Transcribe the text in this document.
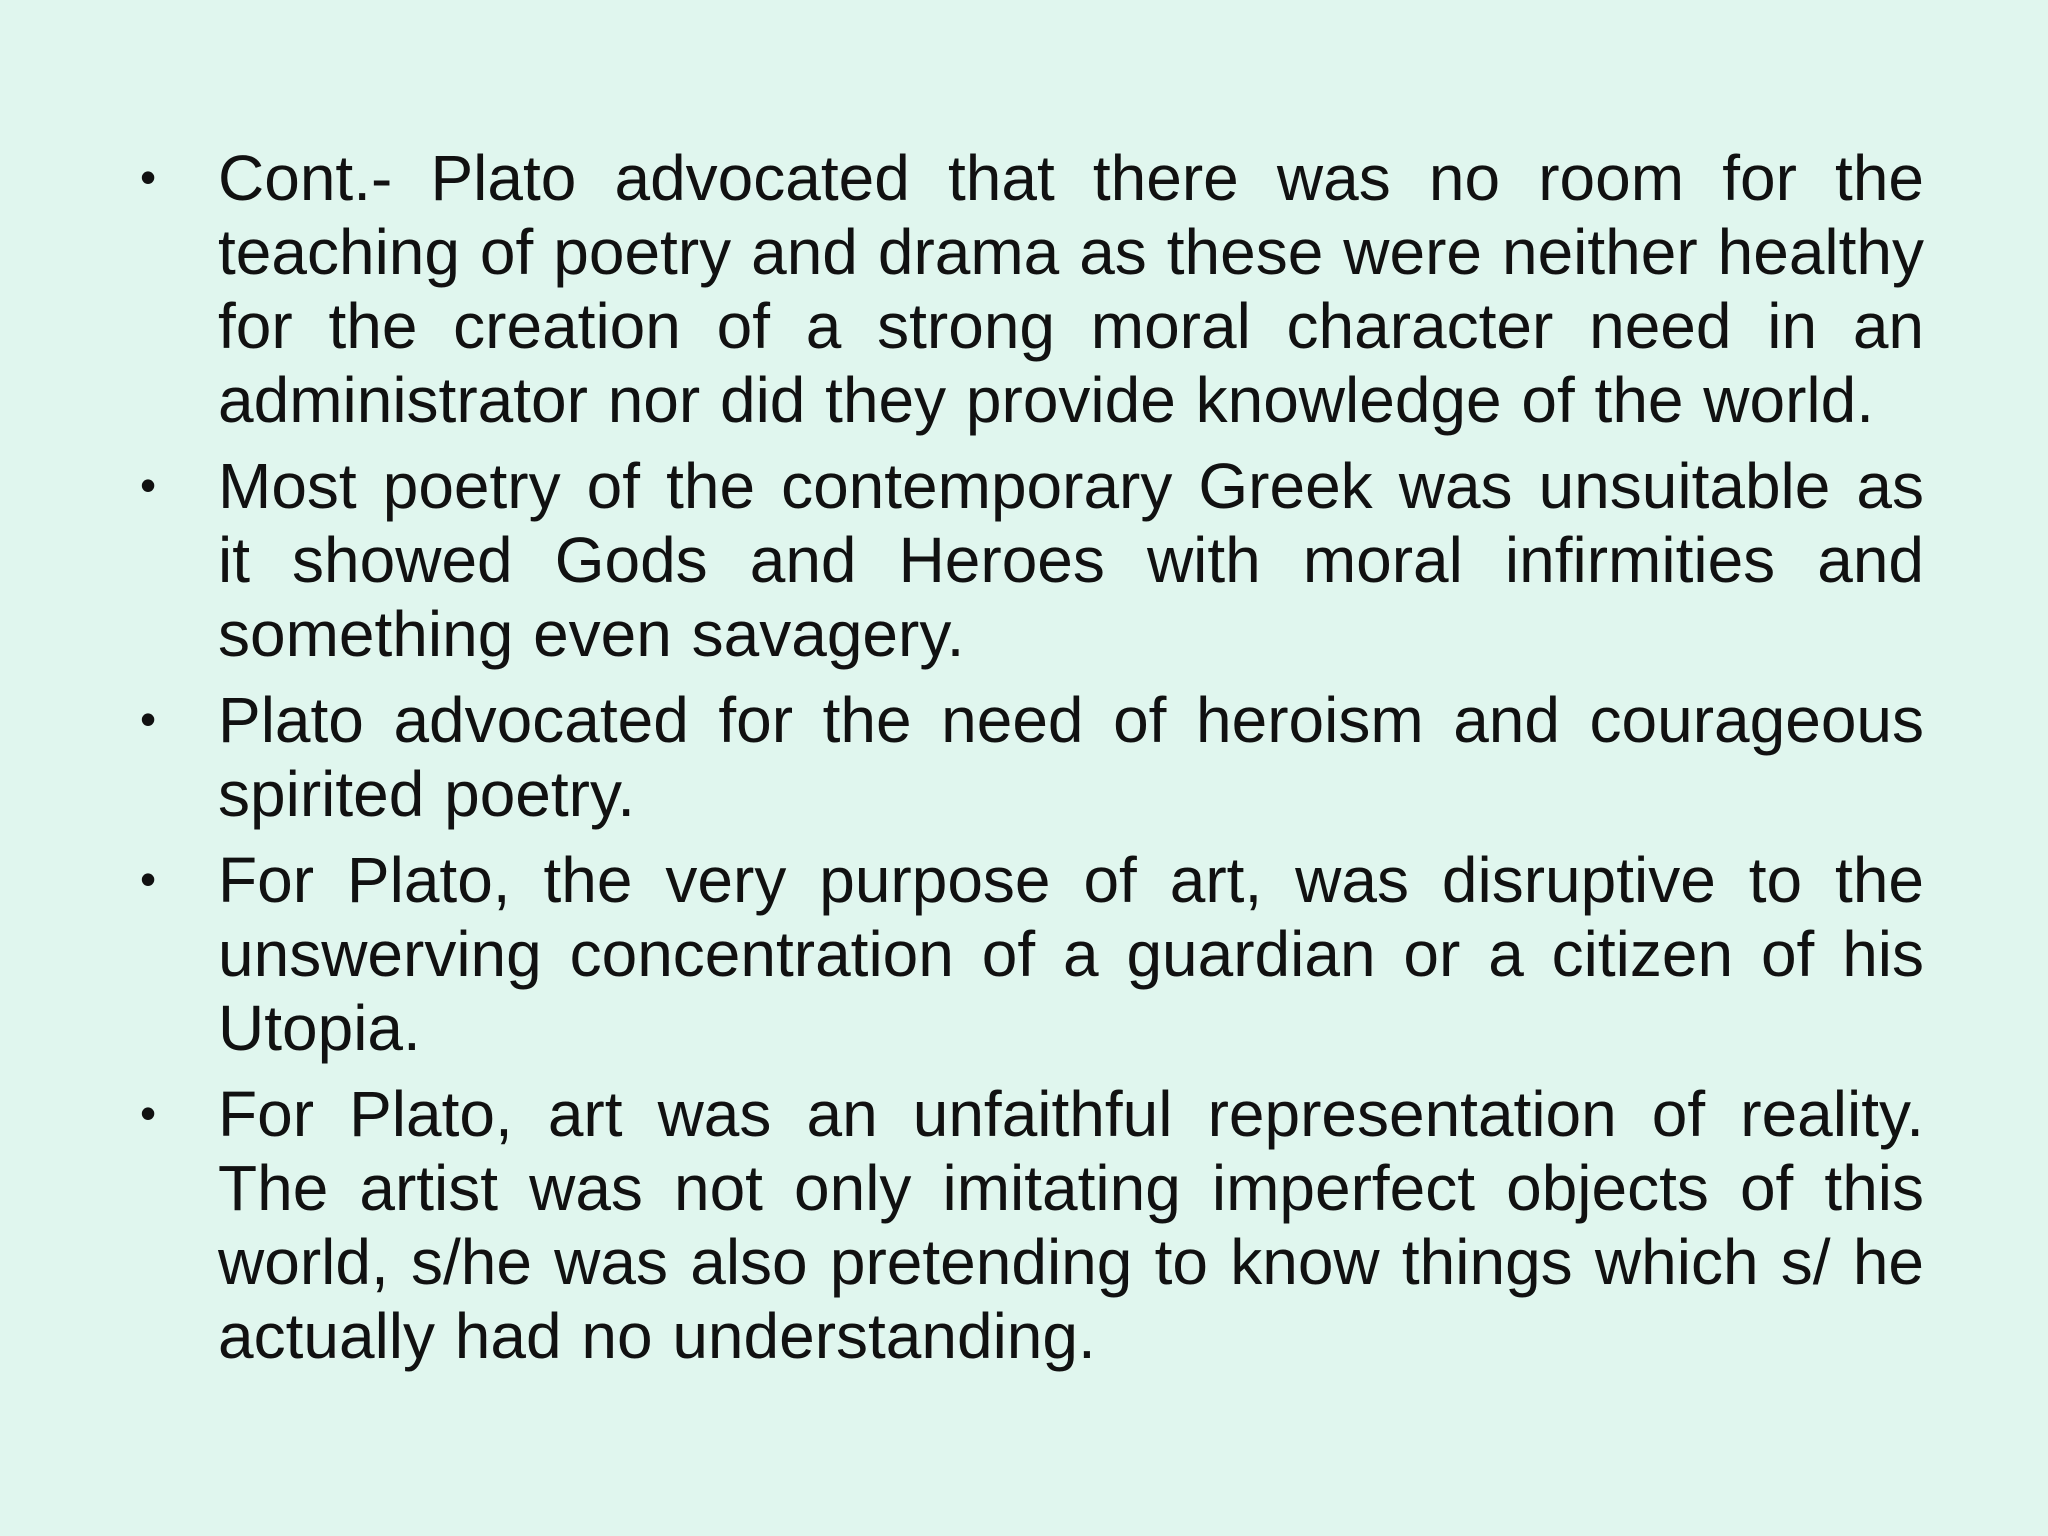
• Cont.- Plato advocated that there was no room for the teaching of poetry and drama as these were neither healthy for the creation of a strong moral character need in an administrator nor did they provide knowledge of the world.
• Most poetry of the contemporary Greek was unsuitable as it showed Gods and Heroes with moral infirmities and something even savagery.
• Plato advocated for the need of heroism and courageous spirited poetry.
• For Plato, the very purpose of art, was disruptive to the unswerving concentration of a guardian or a citizen of his Utopia.
• For Plato, art was an unfaithful representation of reality. The artist was not only imitating imperfect objects of this world, s/he was also pretending to know things which s/ he actually had no understanding.
